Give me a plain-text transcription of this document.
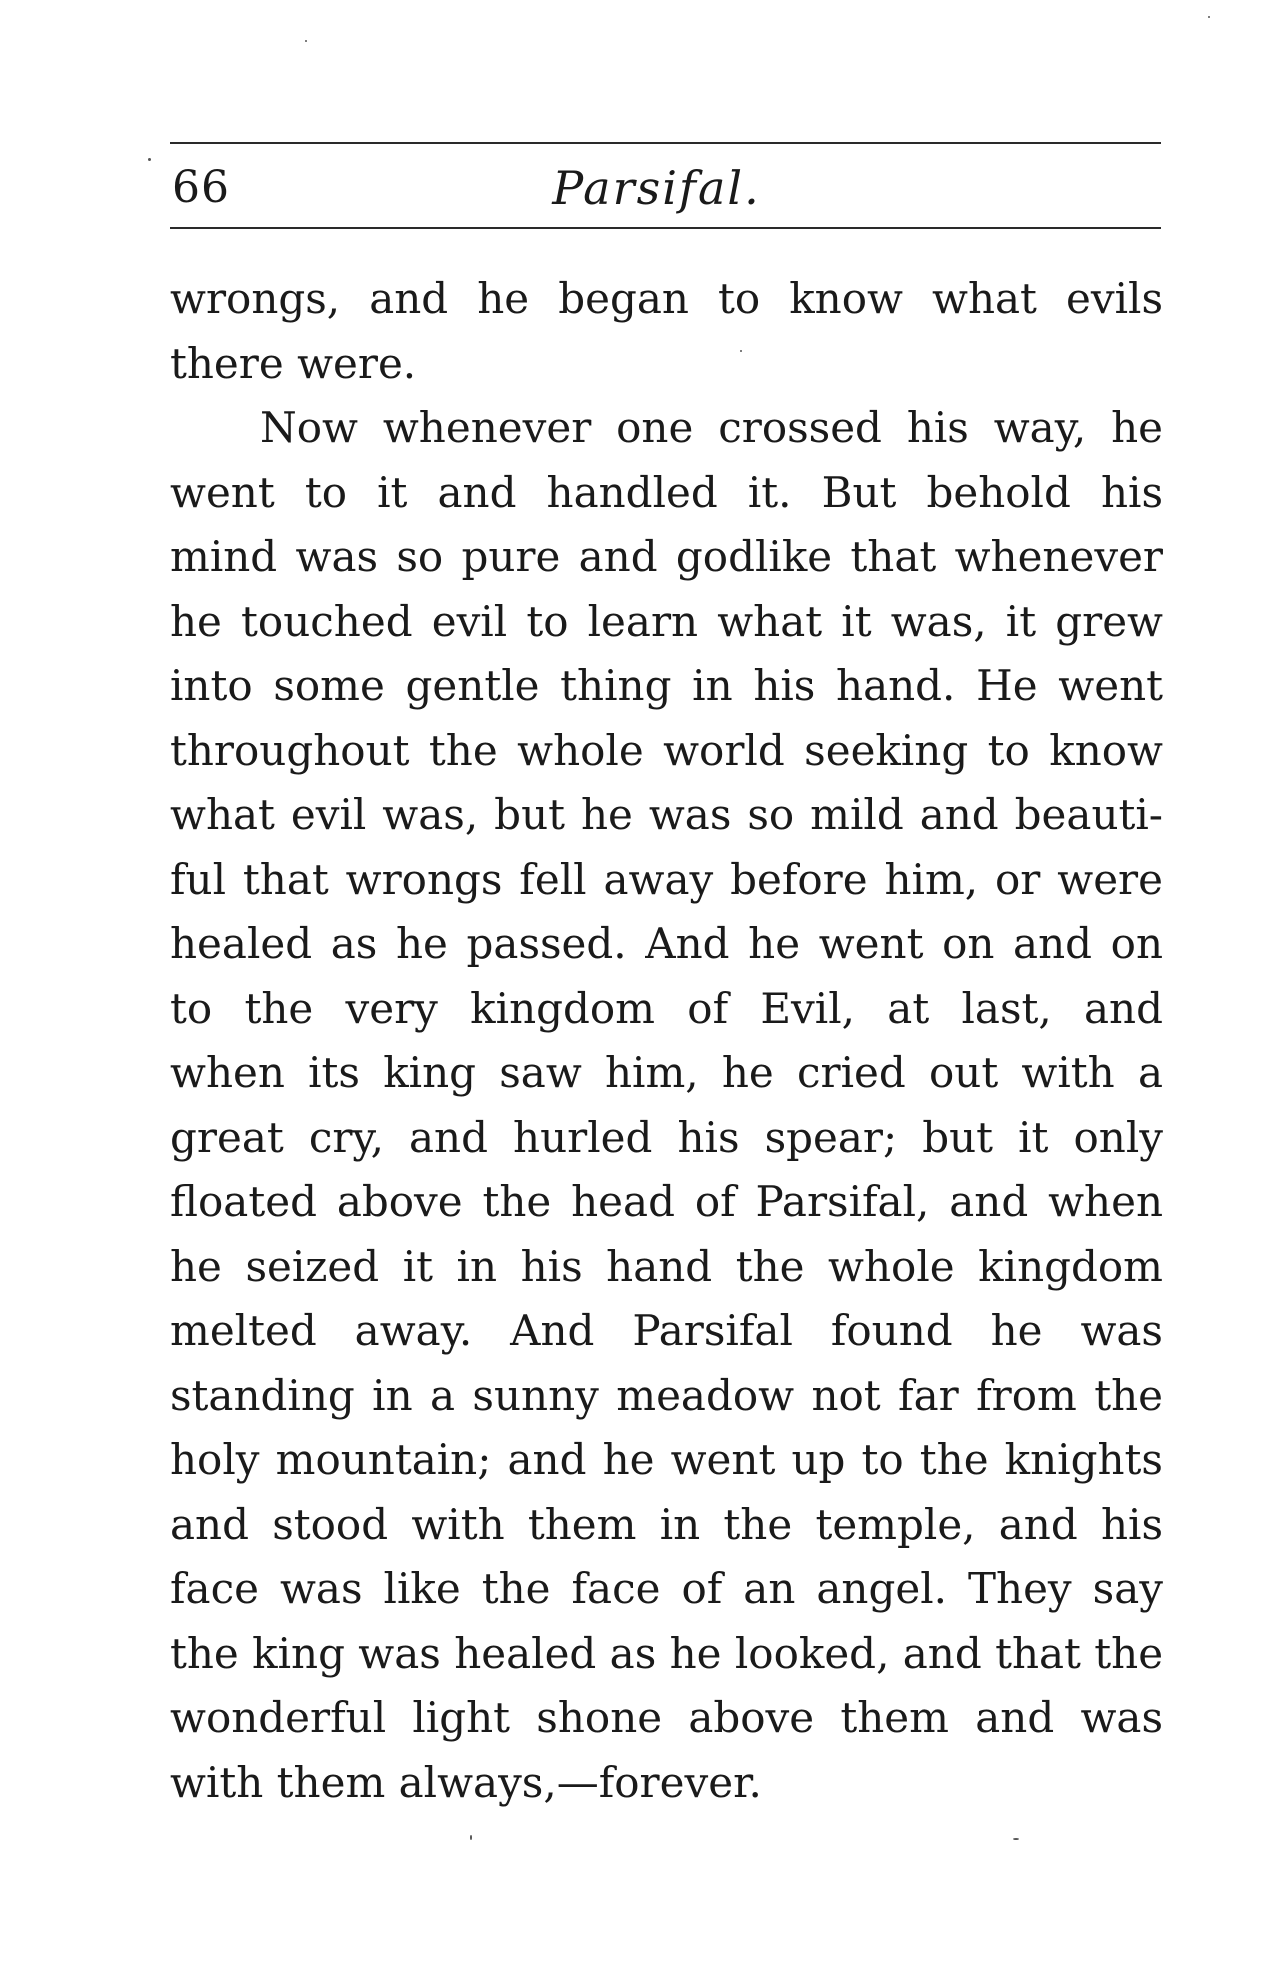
66	Parsifal.
wrongs, and he began to know what evils
there were.
Now whenever one crossed his way, he
went to it and handled it. But behold his
mind was so pure and godlike that whenever
he touched evil to learn what it was, it grew
into some gentle thing in his hand. He went
throughout the whole world seeking to know
what evil was, but he was so mild and beauti-
ful that wrongs fell away before him, or were
healed as he passed. And he went on and on
to the very kingdom of Evil, at last, and
when its king saw him, he cried out with a
great cry, and hurled his spear; but it only
floated above the head of Parsifal, and when
he seized it in his hand the whole kingdom
melted away. And Parsifal found he was
standing in a sunny meadow not far from the
holy mountain; and he went up to the knights
and stood with them in the temple, and his
face was like the face of an angel. They say
the king was healed as he looked, and that the
wonderful light shone above them and was
with them always,—forever.
